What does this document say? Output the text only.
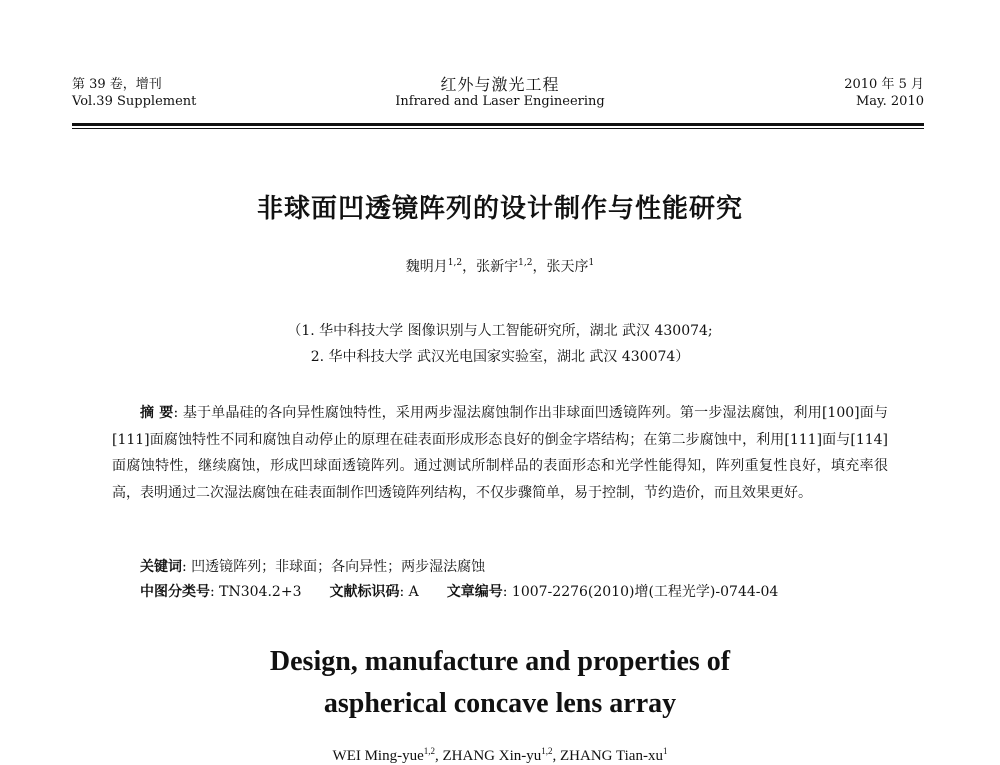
第 39 卷，增刊
Vol.39 Supplement
红外与激光工程
Infrared and Laser Engineering
2010 年 5 月
May. 2010
非球面凹透镜阵列的设计制作与性能研究
魏明月$^{1,2}$，张新宇$^{1,2}$，张天序$^1$
（1. 华中科技大学 图像识别与人工智能研究所，湖北 武汉 430074;
2. 华中科技大学 武汉光电国家实验室，湖北 武汉 430074）

摘 要: 基于单晶硅的各向异性腐蚀特性，采用两步湿法腐蚀制作出非球面凹透镜阵列。第一步湿法腐蚀，利用[100]面与[111]面腐蚀特性不同和腐蚀自动停止的原理在硅表面形成形态良好的倒金字塔结构；在第二步腐蚀中，利用[111]面与[114]面腐蚀特性，继续腐蚀，形成凹球面透镜阵列。通过测试所制样品的表面形态和光学性能得知，阵列重复性良好，填充率很高，表明通过二次湿法腐蚀在硅表面制作凹透镜阵列结构，不仅步骤简单，易于控制，节约造价，而且效果更好。

关键词: 凹透镜阵列；非球面；各向异性；两步湿法腐蚀
中图分类号: TN304.2+3 文献标识码: A 文章编号: 1007-2276(2010)增(工程光学)-0744-04
Design, manufacture and properties of
aspherical concave lens array
WEI Ming-yue$^{1,2}$, ZHANG Xin-yu$^{1,2}$, ZHANG Tian-$xu^1$
